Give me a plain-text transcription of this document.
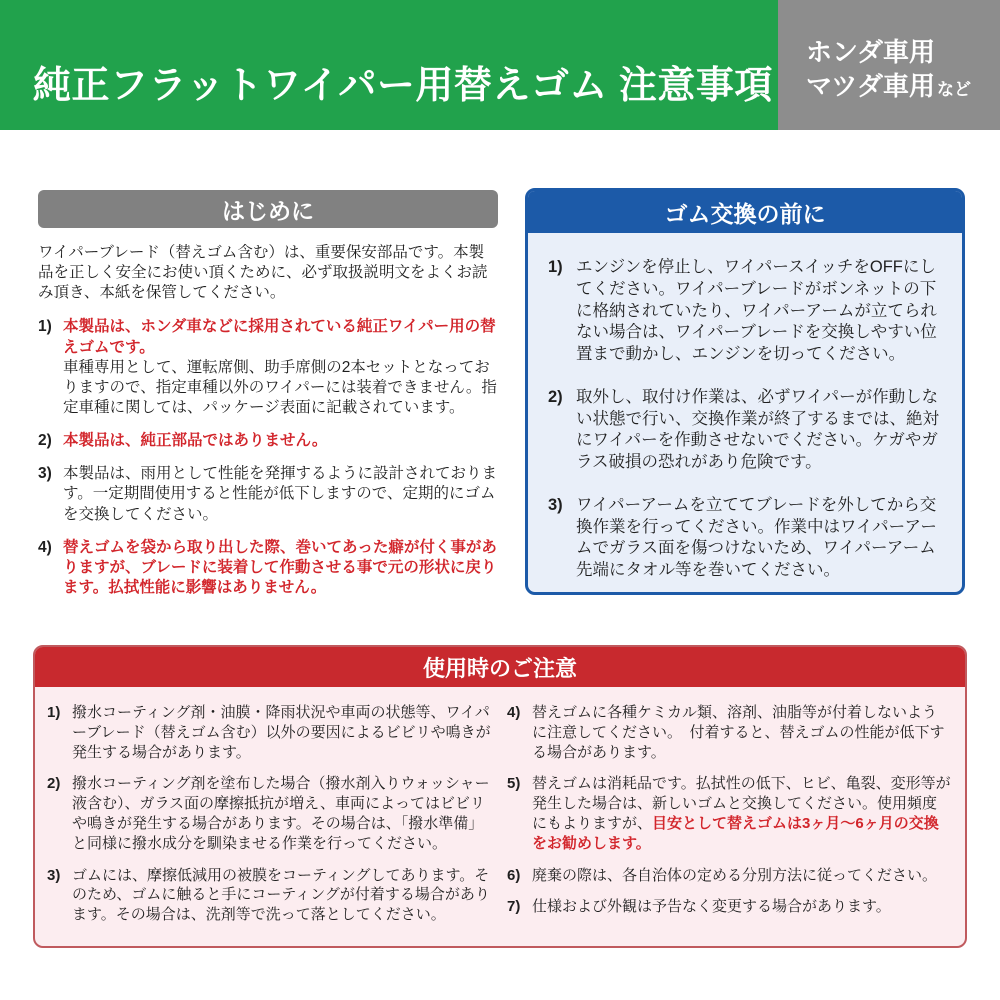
純正フラットワイパー用替えゴム 注意事項
ホンダ車用
マツダ車用 など
はじめに

ワイパーブレード（替えゴム含む）は、重要保安部品です。本製品を正しく安全にお使い頂くために、必ず取扱説明文をよくお読み頂き、本紙を保管してください。

1) 本製品は、ホンダ車などに採用されている純正ワイパー用の替えゴムです。
車種専用として、運転席側、助手席側の2本セットとなっておりますので、指定車種以外のワイパーには装着できません。指定車種に関しては、パッケージ表面に記載されています。
2) 本製品は、純正部品ではありません。
3) 本製品は、雨用として性能を発揮するように設計されております。一定期間使用すると性能が低下しますので、定期的にゴムを交換してください。
4) 替えゴムを袋から取り出した際、巻いてあった癖が付く事がありますが、ブレードに装着して作動させる事で元の形状に戻ります。払拭性能に影響はありません。
ゴム交換の前に
1) エンジンを停止し、ワイパースイッチをOFFにしてください。ワイパーブレードがボンネットの下に格納されていたり、ワイパーアームが立てられない場合は、ワイパーブレードを交換しやすい位置まで動かし、エンジンを切ってください。
2) 取外し、取付け作業は、必ずワイパーが作動しない状態で行い、交換作業が終了するまでは、絶対にワイパーを作動させないでください。ケガやガラス破損の恐れがあり危険です。
3) ワイパーアームを立ててブレードを外してから交換作業を行ってください。作業中はワイパーアームでガラス面を傷つけないため、ワイパーアーム先端にタオル等を巻いてください。
使用時のご注意
1) 撥水コーティング剤・油膜・降雨状況や車両の状態等、ワイパーブレード（替えゴム含む）以外の要因によるビビリや鳴きが発生する場合があります。
2) 撥水コーティング剤を塗布した場合（撥水剤入りウォッシャー液含む）、ガラス面の摩擦抵抗が増え、車両によってはビビリや鳴きが発生する場合があります。その場合は、「撥水準備」と同様に撥水成分を馴染ませる作業を行ってください。
3) ゴムには、摩擦低減用の被膜をコーティングしてあります。そのため、ゴムに触ると手にコーティングが付着する場合があります。その場合は、洗剤等で洗って落としてください。
4) 替えゴムに各種ケミカル類、溶剤、油脂等が付着しないように注意してください。　付着すると、替えゴムの性能が低下する場合があります。
5) 替えゴムは消耗品です。払拭性の低下、ヒビ、亀裂、変形等が発生した場合は、新しいゴムと交換してください。使用頻度にもよりますが、目安として替えゴムは3ヶ月～6ヶ月の交換をお勧めします。
6) 廃棄の際は、各自治体の定める分別方法に従ってください。
7) 仕様および外観は予告なく変更する場合があります。
